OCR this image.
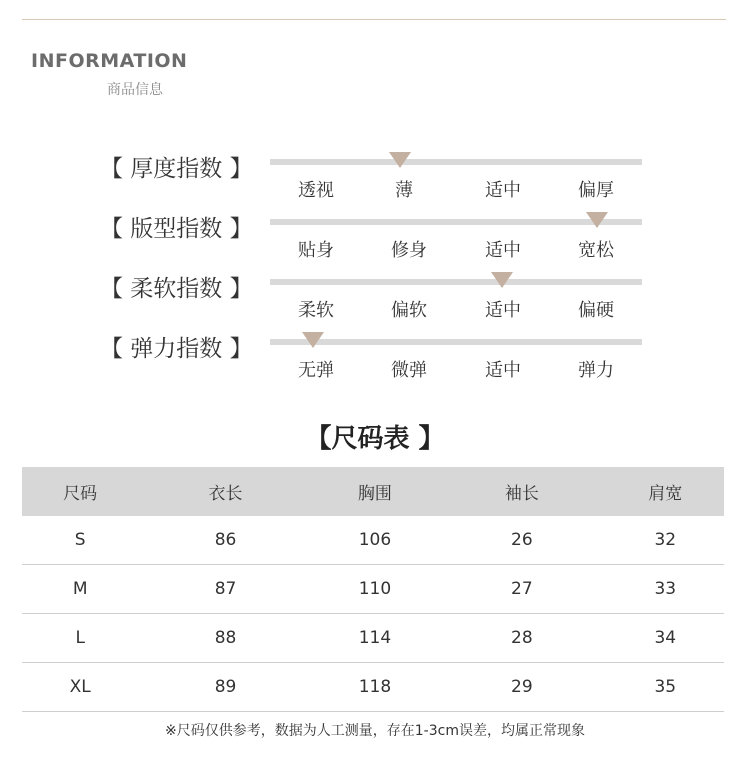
INFORMATION
商品信息
【 厚度指数 】
透视	薄	适中	偏厚
【 版型指数 】
贴身	修身	适中	宽松
【 柔软指数 】
柔软	偏软	适中	偏硬
【 弹力指数 】
无弹	微弹	适中	弹力
【尺码表 】
尺码	衣长	胸围	袖长	肩宽
S	86	106	26	32
M	87	110	27	33
L	88	114	28	34
XL	89	118	29	35
※尺码仅供参考，数据为人工测量，存在1-3cm误差，均属正常现象
